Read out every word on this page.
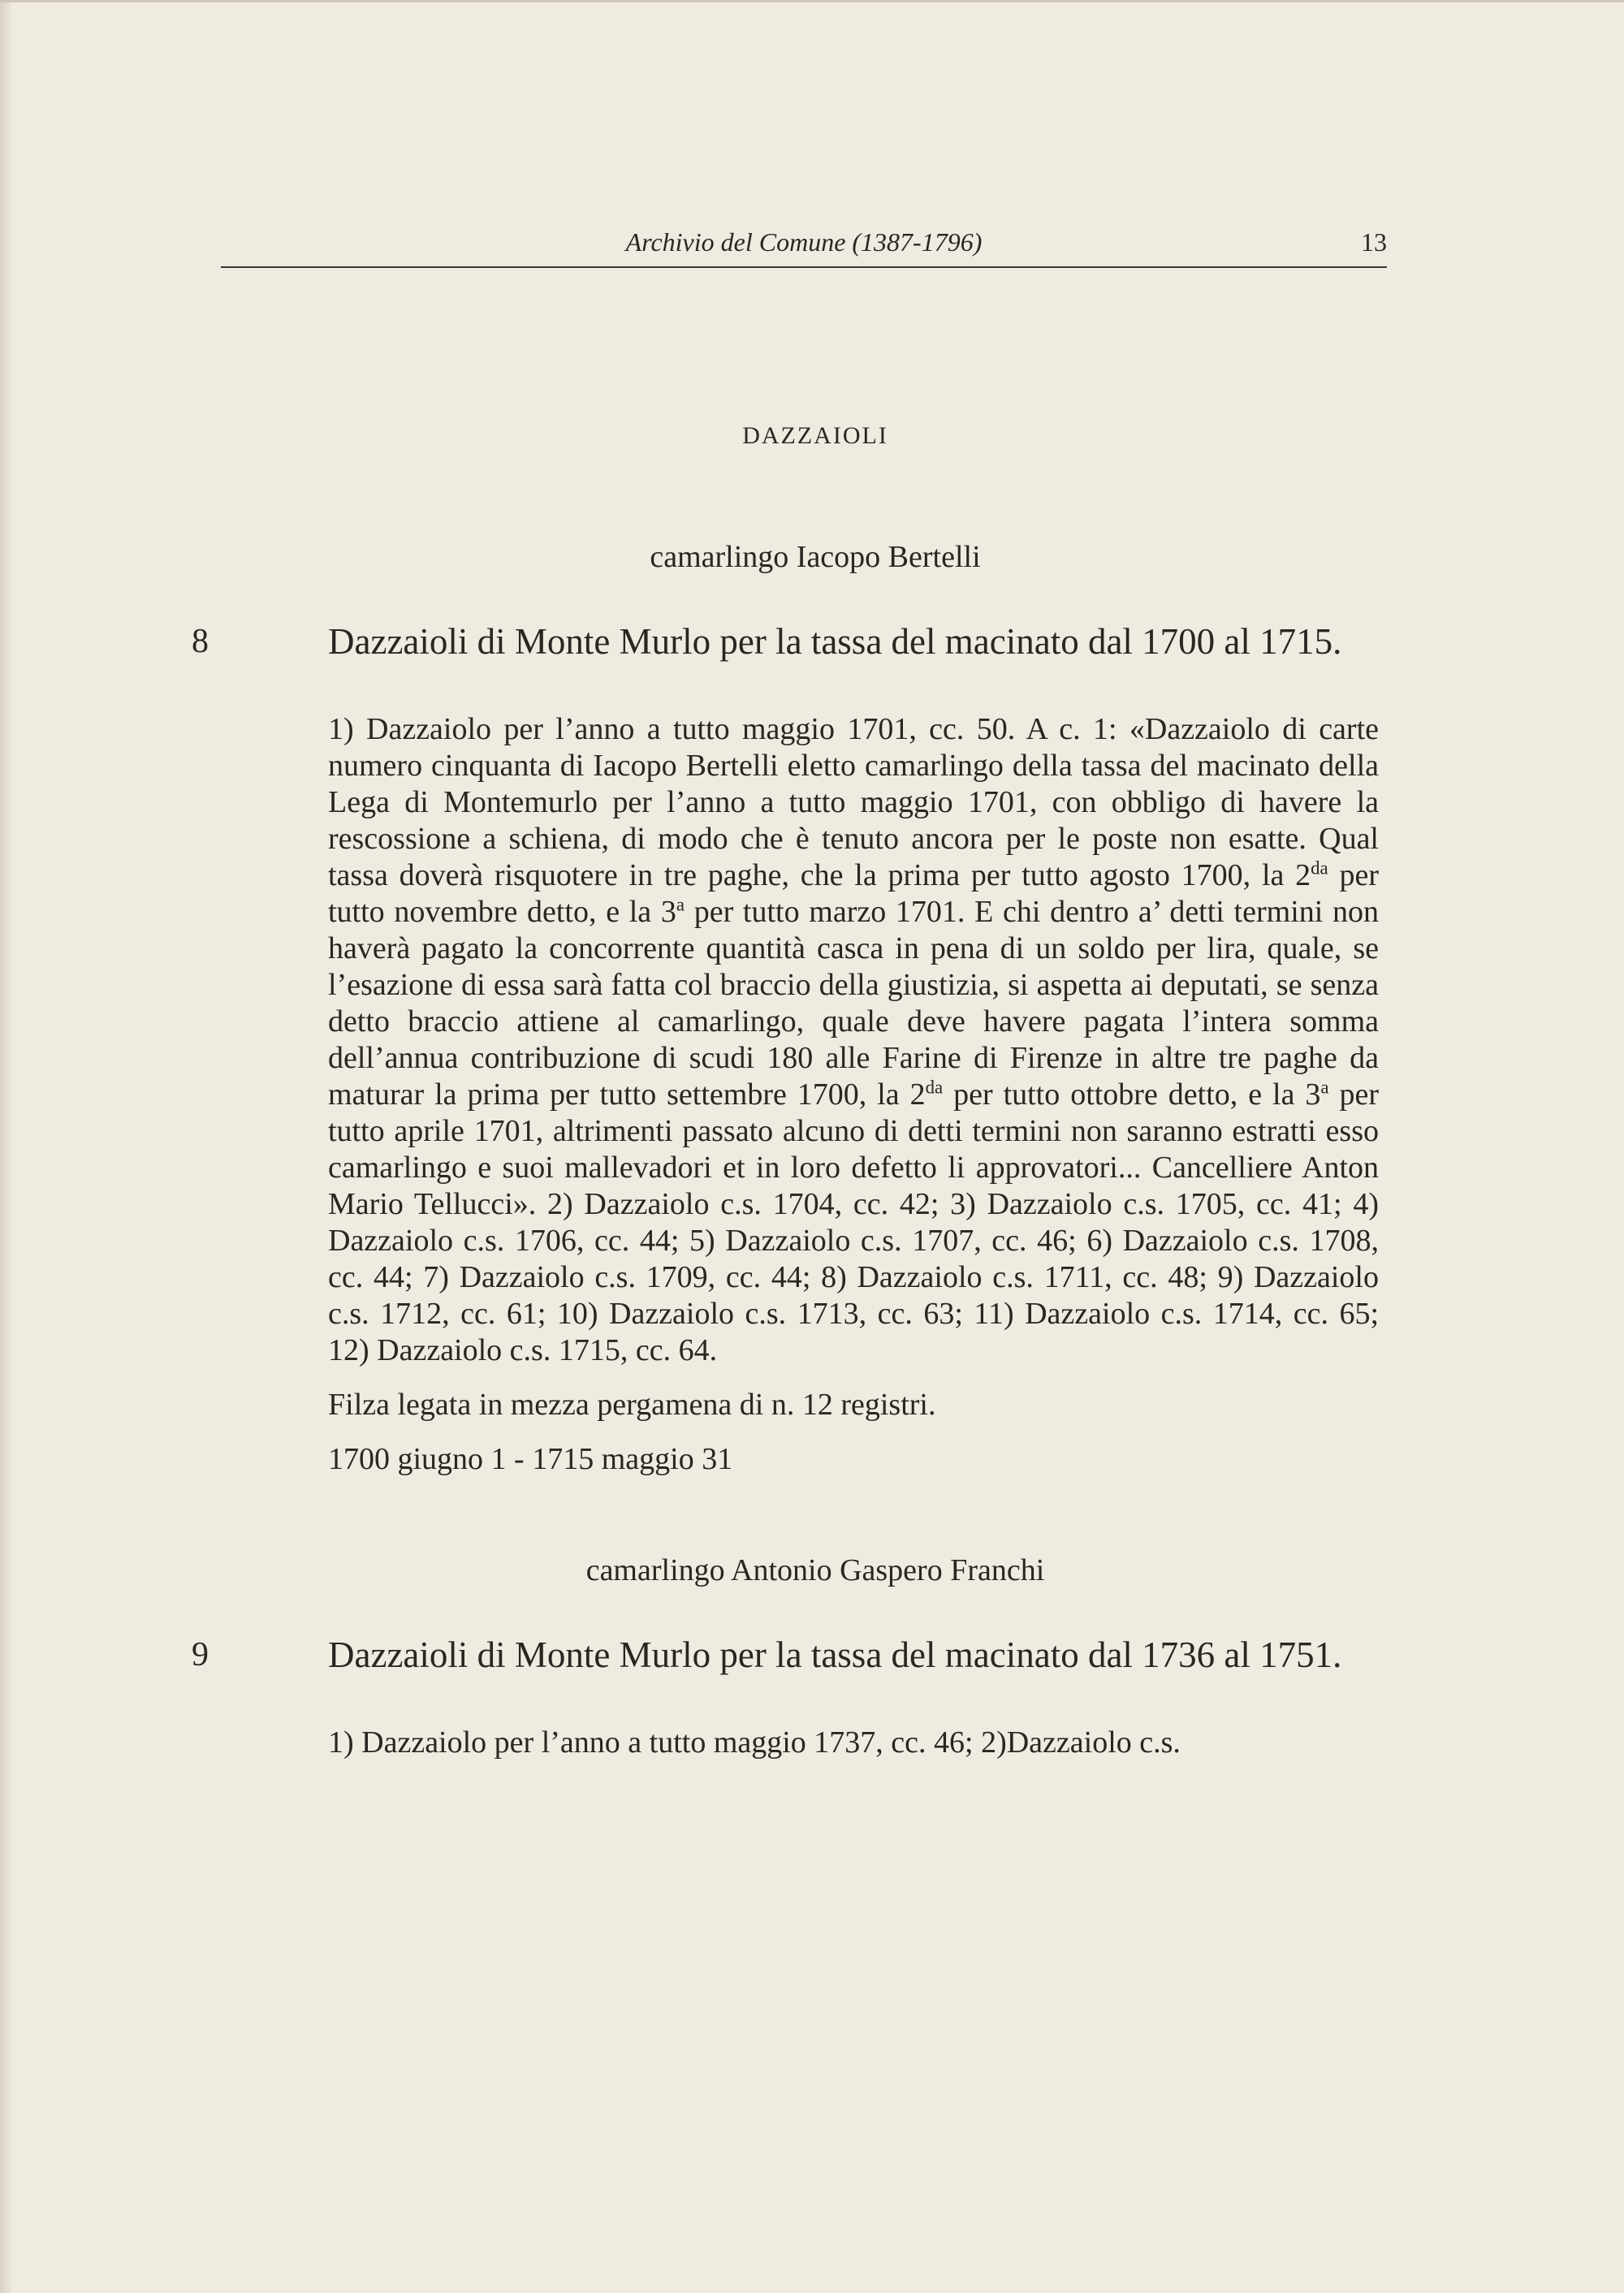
Archivio del Comune (1387-1796)	13
DAZZAIOLI
camarlingo Iacopo Bertelli
8	Dazzaioli di Monte Murlo per la tassa del macinato dal 1700 al 1715.

1) Dazzaiolo per l’anno a tutto maggio 1701, cc. 50. A c. 1: «Dazzaiolo di carte numero cinquanta di Iacopo Bertelli eletto camarlingo della tassa del macinato della Lega di Montemurlo per l’anno a tutto maggio 1701, con obbligo di havere la rescossione a schiena, di modo che è tenuto ancora per le poste non esatte. Qual tassa doverà risquotere in tre paghe, che la prima per tutto agosto 1700, la $2^{da}$ per tutto novembre detto, e la 3$^a$ per tutto marzo 1701. E chi dentro a’ detti termini non haverà pagato la concorrente quantità casca in pena di un soldo per lira, quale, se l’esazione di essa sarà fatta col braccio della giustizia, si aspetta ai deputati, se senza detto braccio attiene al camarlingo, quale deve havere pagata l’intera somma dell’annua contribuzione di scudi 180 alle Farine di Firenze in altre tre paghe da maturar la prima per tutto settembre 1700, la $2^{da}$ per tutto ottobre detto, e la 3$^a$ per tutto aprile 1701, altrimenti passato alcuno di detti termini non saranno estratti esso camarlingo e suoi mallevadori et in loro defetto li approvatori... Cancelliere Anton Mario Tellucci». 2) Dazzaiolo c.s. 1704, cc. 42; 3) Dazzaiolo c.s. 1705, cc. 41; 4) Dazzaiolo c.s. 1706, cc. 44; 5) Dazzaiolo c.s. 1707, cc. 46; 6) Dazzaiolo c.s. 1708, cc. 44; 7) Dazzaiolo c.s. 1709, cc. 44; 8) Dazzaiolo c.s. 1711, cc. 48; 9) Dazzaiolo c.s. 1712, cc. 61; 10) Dazzaiolo c.s. 1713, cc. 63; 11) Dazzaiolo c.s. 1714, cc. 65; 12) Dazzaiolo c.s. 1715, cc. 64.

Filza legata in mezza pergamena di n. 12 registri.

1700 giugno 1 - 1715 maggio 31

camarlingo Antonio Gaspero Franchi
9	Dazzaioli di Monte Murlo per la tassa del macinato dal 1736 al 1751.

1) Dazzaiolo per l’anno a tutto maggio 1737, cc. 46; 2)Dazzaiolo c.s.
